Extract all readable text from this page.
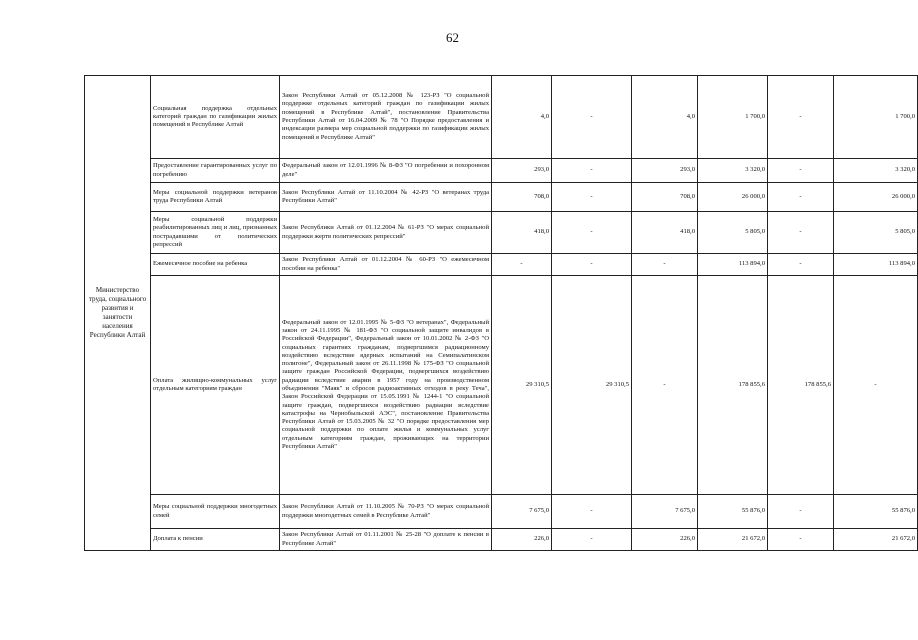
62
Министерство труда, социального развития и занятости населения Республики Алтай	Социальная поддержка отдельных категорий граждан по газификации жилых помещений в Республике Алтай	Закон Республики Алтай от 05.12.2008 № 123-РЗ "О социальной поддержке отдельных категорий граждан по газификации жилых помещений в Республике Алтай", постановление Правительства Республики Алтай от 16.04.2009 № 78 "О Порядке предоставления и индексации размера мер социальной поддержки по газификации жилых помещений в Республике Алтай"	4,0	-	4,0	1 700,0	-	1 700,0
	Предоставление гарантированных услуг по погребению	Федеральный закон от 12.01.1996 № 8-ФЗ "О погребении и похоронном деле"	293,0	-	293,0	3 320,0	-	3 320,0
	Меры социальной поддержки ветеранов труда Республики Алтай	Закон Республики Алтай от 11.10.2004 № 42-РЗ "О ветеранах труда Республики Алтай"	708,0	-	708,0	26 000,0	-	26 000,0
	Меры социальной поддержки реабилитированных лиц и лиц, признанных пострадавшими от политических репрессий	Закон Республики Алтай от 01.12.2004 № 61-РЗ "О мерах социальной поддержки жертв политических репрессий"	418,0	-	418,0	5 805,0	-	5 805,0
	Ежемесячное пособие на ребенка	Закон Республики Алтай от 01.12.2004 № 60-РЗ "О ежемесячном пособии на ребенка"	-	-	-	113 894,0	-	113 894,0
	Оплата жилищно-коммунальных услуг отдельным категориям граждан	Федеральный закон от 12.01.1995 № 5-ФЗ "О ветеранах", Федеральный закон от 24.11.1995 № 181-ФЗ "О социальной защите инвалидов в Российской Федерации", Федеральный закон от 10.01.2002 № 2-ФЗ "О социальных гарантиях гражданам, подвергшимся радиационному воздействию вследствие ядерных испытаний на Семипалатинском полигоне", Федеральный закон от 26.11.1998 № 175-ФЗ "О социальной защите граждан Российской Федерации, подвергшихся воздействию радиации вследствие аварии в 1957 году на производственном объединении "Маяк" и сбросов радиоактивных отходов в реку Теча", Закон Российской Федерации от 15.05.1991 № 1244-1 "О социальной защите граждан, подвергшихся воздействию радиации вследствие катастрофы на Чернобыльской АЭС", постановление Правительства Республики Алтай от 15.03.2005 № 32 "О порядке предоставления мер социальной поддержки по оплате жилья и коммунальных услуг отдельным категориям граждан, проживающих на территории Республики Алтай"	29 310,5	29 310,5	-	178 855,6	178 855,6	-
	Меры социальной поддержки многодетных семей	Закон Республики Алтай от 11.10.2005 № 70-РЗ "О мерах социальной поддержки многодетных семей в Республике Алтай"	7 675,0	-	7 675,0	55 876,0	-	55 876,0
	Доплата к пенсии	Закон Республики Алтай от 01.11.2001 № 25-28 "О доплате к пенсии в Республике Алтай"	226,0	-	226,0	21 672,0	-	21 672,0
